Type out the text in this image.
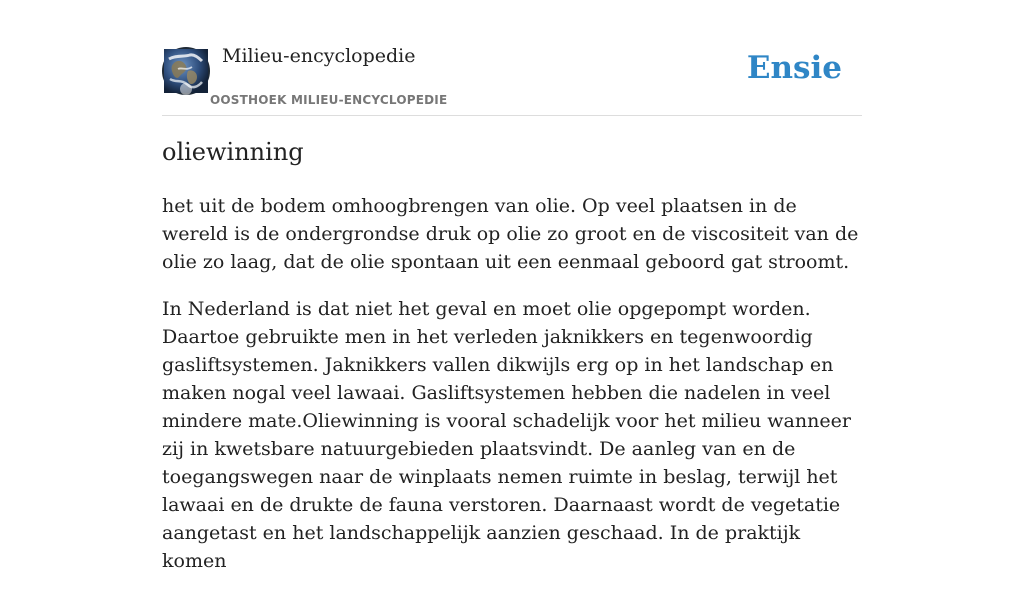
Milieu-encyclopedie
OOSTHOEK MILIEU-ENCYCLOPEDIE
Ensie
oliewinning

het uit de bodem omhoogbrengen van olie. Op veel plaatsen in de wereld is de ondergrondse druk op olie zo groot en de viscositeit van de olie zo laag, dat de olie spontaan uit een eenmaal geboord gat stroomt.

In Nederland is dat niet het geval en moet olie opgepompt worden. Daartoe gebruikte men in het verleden jaknikkers en tegenwoordig gasliftsystemen. Jaknikkers vallen dikwijls erg op in het landschap en maken nogal veel lawaai. Gasliftsystemen hebben die nadelen in veel mindere mate.Oliewinning is vooral schadelijk voor het milieu wanneer zij in kwetsbare natuurgebieden plaatsvindt. De aanleg van en de toegangswegen naar de winplaats nemen ruimte in beslag, terwijl het lawaai en de drukte de fauna verstoren. Daarnaast wordt de vegetatie aangetast en het landschappelijk aanzien geschaad. In de praktijk komen
